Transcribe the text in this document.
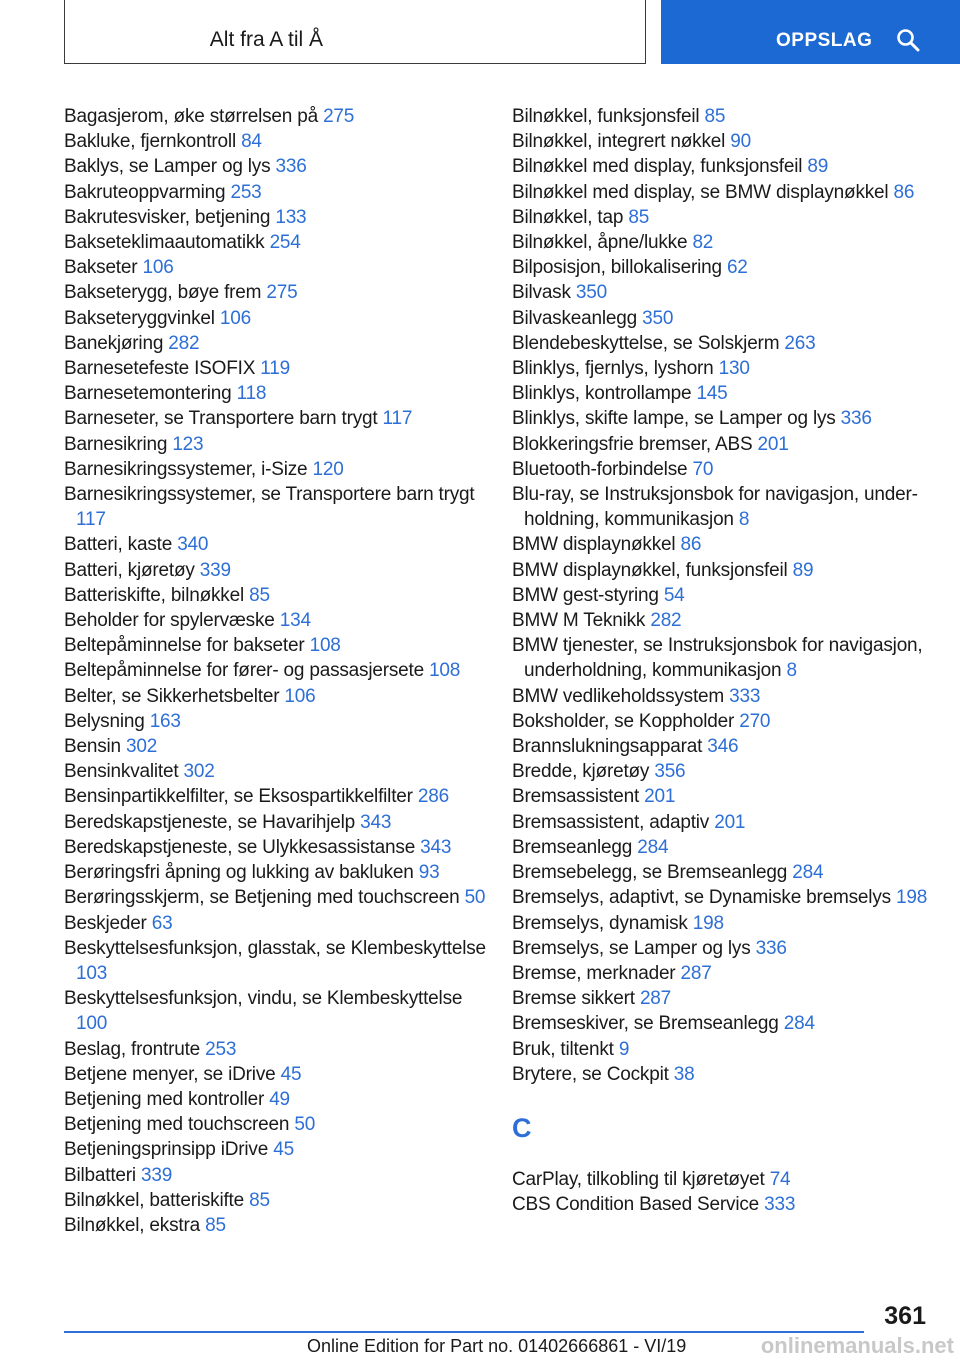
Alt fra A til Å	OPPSLAG
Bagasjerom, øke størrelsen på 275
Bakluke, fjernkontroll 84
Baklys, se Lamper og lys 336
Bakruteoppvarming 253
Bakrutesvisker, betjening 133
Bakseteklimaautomatikk 254
Bakseter 106
Bakseterygg, bøye frem 275
Bakseteryggvinkel 106
Banekjøring 282
Barnesetefeste ISOFIX 119
Barnesetemontering 118
Barneseter, se Transportere barn trygt 117
Barnesikring 123
Barnesikringssystemer, i-Size 120
Barnesikringssystemer, se Transportere barn trygt 117
Batteri, kaste 340
Batteri, kjøretøy 339
Batteriskifte, bilnøkkel 85
Beholder for spylervæske 134
Beltepåminnelse for bakseter 108
Beltepåminnelse for fører- og passasjersete 108
Belter, se Sikkerhetsbelter 106
Belysning 163
Bensin 302
Bensinkvalitet 302
Bensinpartikkelfilter, se Eksospartikkelfilter 286
Beredskapstjeneste, se Havarihjelp 343
Beredskapstjeneste, se Ulykkesassistanse 343
Berøringsfri åpning og lukking av bakluken 93
Berøringsskjerm, se Betjening med touchscreen 50
Beskjeder 63
Beskyttelsesfunksjon, glasstak, se Klembeskyttelse 103
Beskyttelsesfunksjon, vindu, se Klembeskyttelse 100
Beslag, frontrute 253
Betjene menyer, se iDrive 45
Betjening med kontroller 49
Betjening med touchscreen 50
Betjeningsprinsipp iDrive 45
Bilbatteri 339
Bilnøkkel, batteriskifte 85
Bilnøkkel, ekstra 85
Bilnøkkel, funksjonsfeil 85
Bilnøkkel, integrert nøkkel 90
Bilnøkkel med display, funksjonsfeil 89
Bilnøkkel med display, se BMW displaynøkkel 86
Bilnøkkel, tap 85
Bilnøkkel, åpne/lukke 82
Bilposisjon, billokalisering 62
Bilvask 350
Bilvaskeanlegg 350
Blendebeskyttelse, se Solskjerm 263
Blinklys, fjernlys, lyshorn 130
Blinklys, kontrollampe 145
Blinklys, skifte lampe, se Lamper og lys 336
Blokkeringsfrie bremser, ABS 201
Bluetooth-forbindelse 70
Blu-ray, se Instruksjonsbok for navigasjon, underholdning, kommunikasjon 8
BMW displaynøkkel 86
BMW displaynøkkel, funksjonsfeil 89
BMW gest-styring 54
BMW M Teknikk 282
BMW tjenester, se Instruksjonsbok for navigasjon, underholdning, kommunikasjon 8
BMW vedlikeholdssystem 333
Boksholder, se Koppholder 270
Brannslukningsapparat 346
Bredde, kjøretøy 356
Bremsassistent 201
Bremsassistent, adaptiv 201
Bremseanlegg 284
Bremsebelegg, se Bremseanlegg 284
Bremselys, adaptivt, se Dynamiske bremselys 198
Bremselys, dynamisk 198
Bremselys, se Lamper og lys 336
Bremse, merknader 287
Bremse sikkert 287
Bremseskiver, se Bremseanlegg 284
Bruk, tiltenkt 9
Brytere, se Cockpit 38
C
CarPlay, tilkobling til kjøretøyet 74
CBS Condition Based Service 333
361
Online Edition for Part no. 01402666861 - VI/19	onlinemanuals.net
